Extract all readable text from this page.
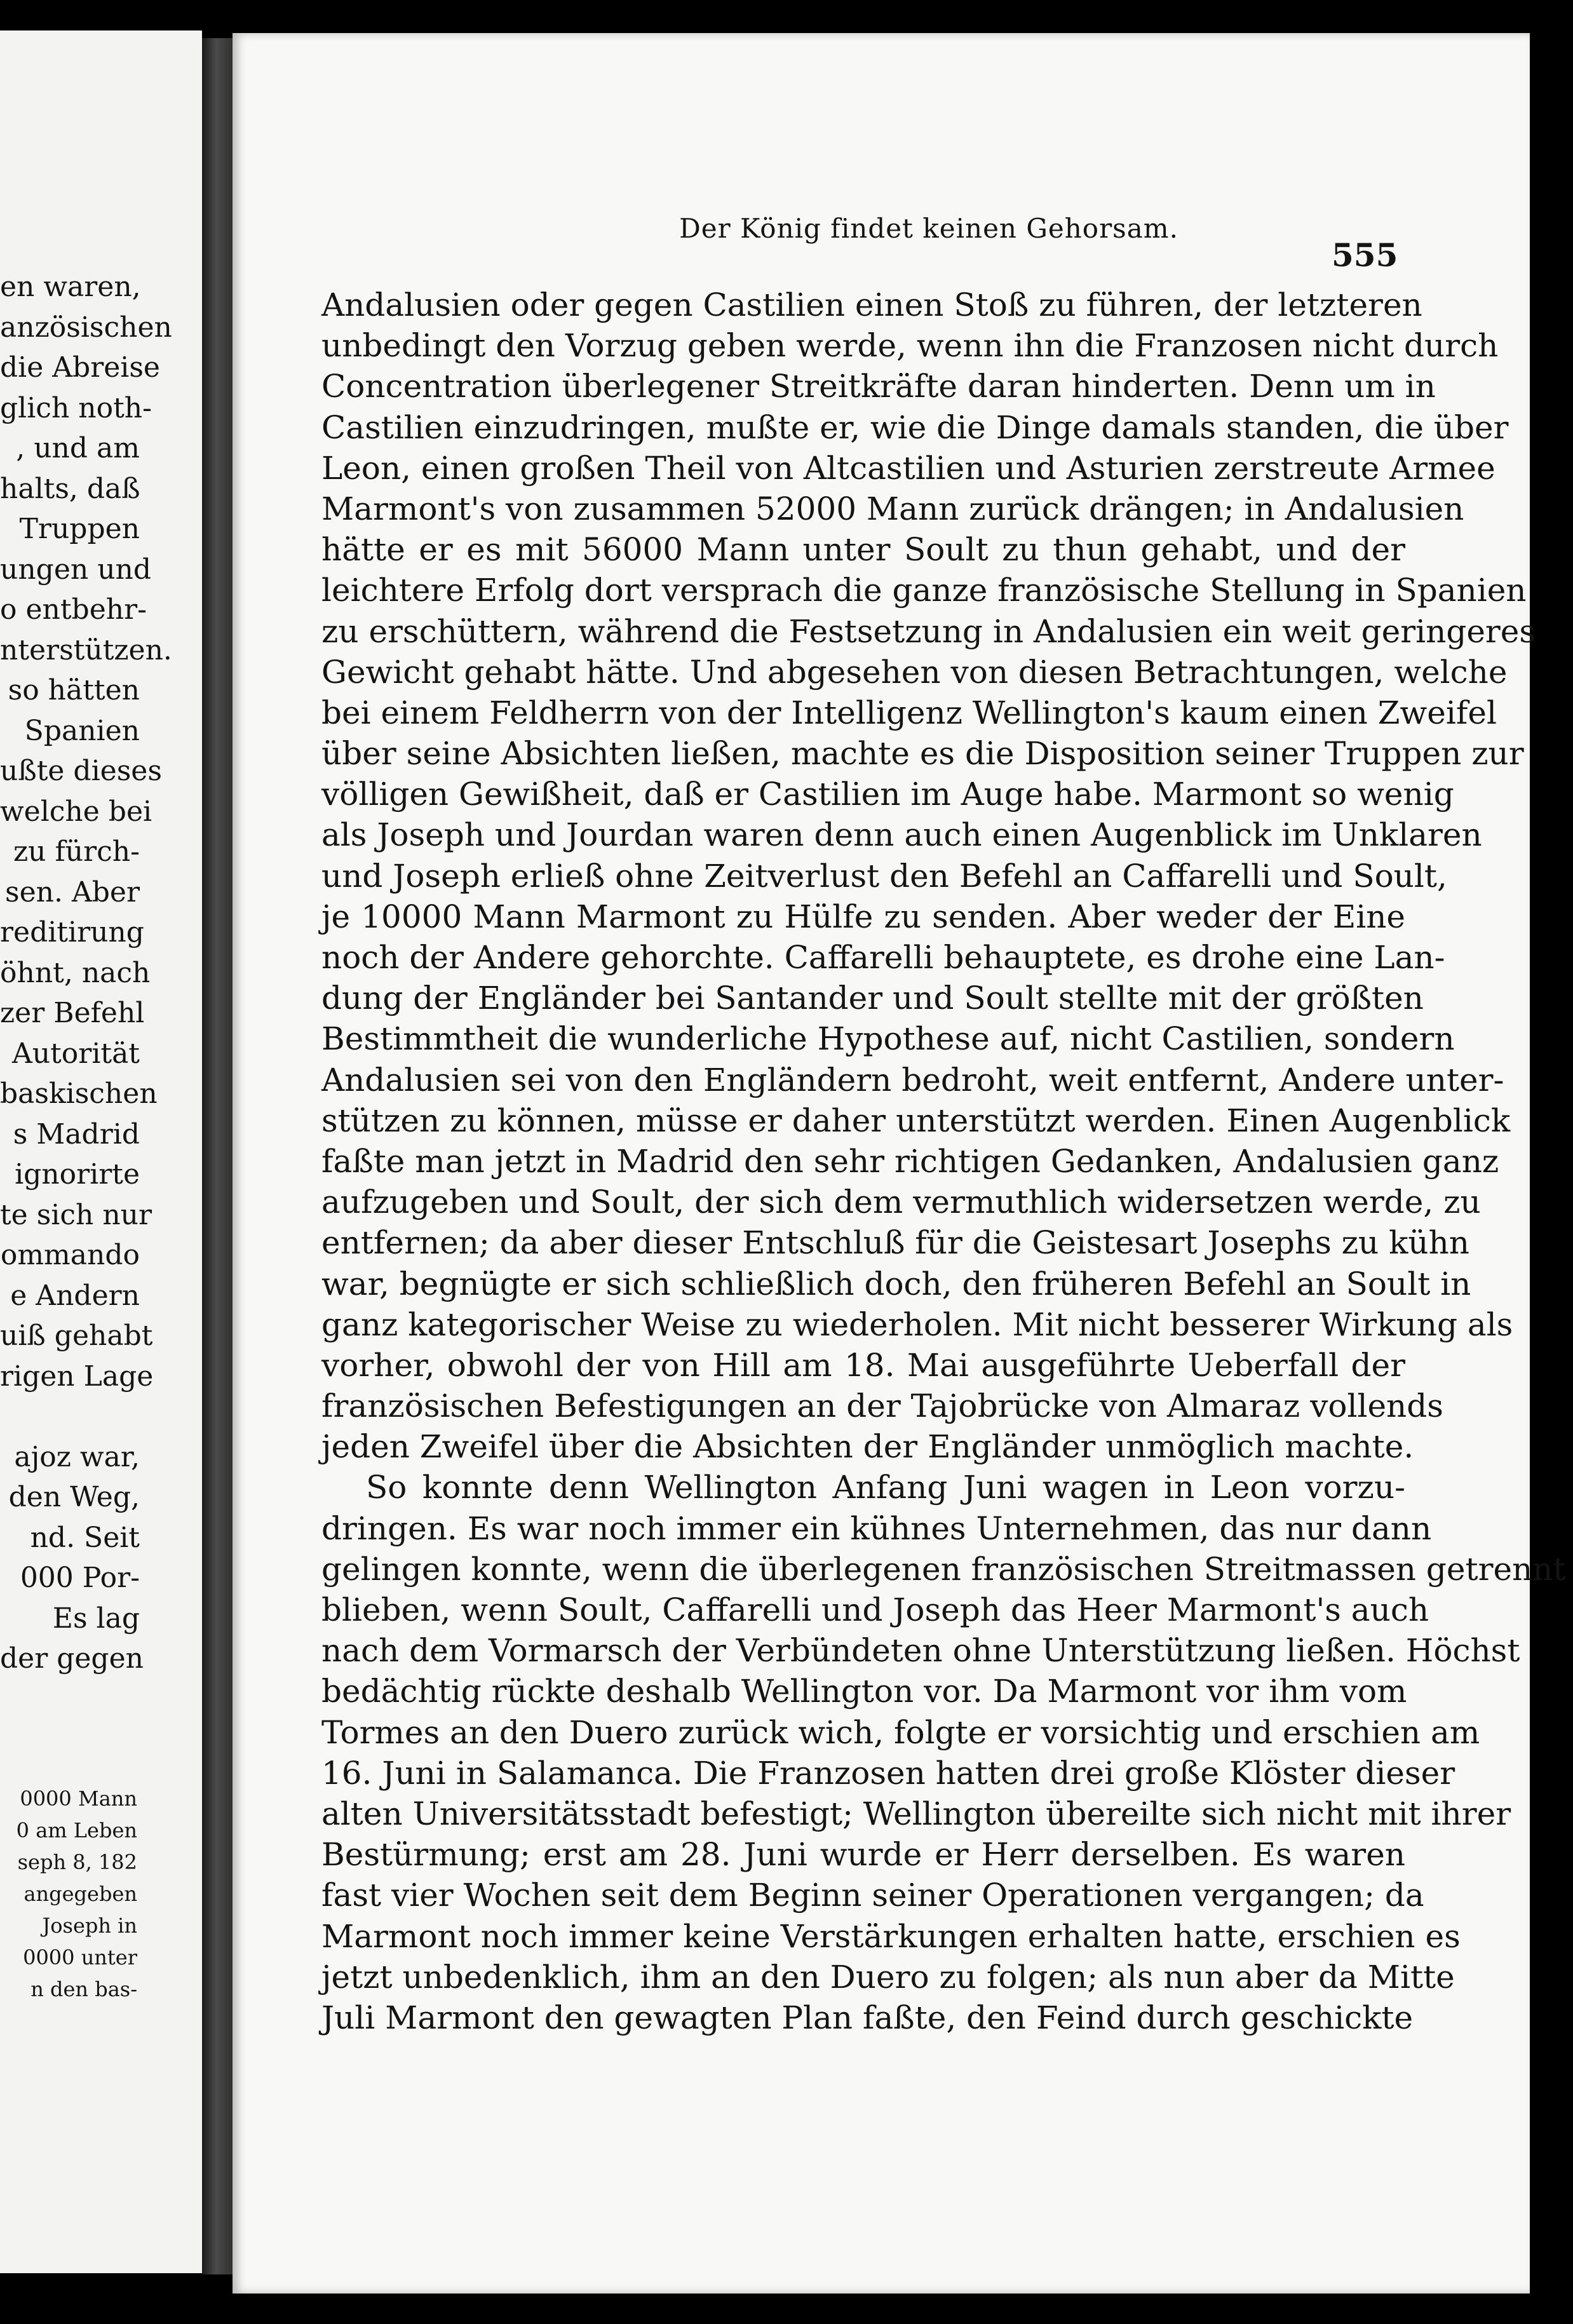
en waren,
anzösischen
die Abreise
glich noth-
, und am
halts, daß
Truppen
ungen und
o entbehr-
nterstützen.
so hätten
Spanien
ußte dieses
welche bei
zu fürch-
sen. Aber
reditirung
öhnt, nach
zer Befehl
Autorität
baskischen
s Madrid
ignorirte
te sich nur
ommando
e Andern
uiß gehabt
rigen Lage
ajoz war,
den Weg,
nd. Seit
000 Por-
Es lag
der gegen
0000 Mann
0 am Leben
seph 8, 182
angegeben
Joseph in
0000 unter
n den bas-
Der König findet keinen Gehorsam.
555
Andalusien oder gegen Castilien einen Stoß zu führen, der letzteren
unbedingt den Vorzug geben werde, wenn ihn die Franzosen nicht durch
Concentration überlegener Streitkräfte daran hinderten. Denn um in
Castilien einzudringen, mußte er, wie die Dinge damals standen, die über
Leon, einen großen Theil von Altcastilien und Asturien zerstreute Armee
Marmont's von zusammen 52000 Mann zurück drängen; in Andalusien
hätte er es mit 56000 Mann unter Soult zu thun gehabt, und der
leichtere Erfolg dort versprach die ganze französische Stellung in Spanien
zu erschüttern, während die Festsetzung in Andalusien ein weit geringeres
Gewicht gehabt hätte. Und abgesehen von diesen Betrachtungen, welche
bei einem Feldherrn von der Intelligenz Wellington's kaum einen Zweifel
über seine Absichten ließen, machte es die Disposition seiner Truppen zur
völligen Gewißheit, daß er Castilien im Auge habe. Marmont so wenig
als Joseph und Jourdan waren denn auch einen Augenblick im Unklaren
und Joseph erließ ohne Zeitverlust den Befehl an Caffarelli und Soult,
je 10000 Mann Marmont zu Hülfe zu senden. Aber weder der Eine
noch der Andere gehorchte. Caffarelli behauptete, es drohe eine Lan-
dung der Engländer bei Santander und Soult stellte mit der größten
Bestimmtheit die wunderliche Hypothese auf, nicht Castilien, sondern
Andalusien sei von den Engländern bedroht, weit entfernt, Andere unter-
stützen zu können, müsse er daher unterstützt werden. Einen Augenblick
faßte man jetzt in Madrid den sehr richtigen Gedanken, Andalusien ganz
aufzugeben und Soult, der sich dem vermuthlich widersetzen werde, zu
entfernen; da aber dieser Entschluß für die Geistesart Josephs zu kühn
war, begnügte er sich schließlich doch, den früheren Befehl an Soult in
ganz kategorischer Weise zu wiederholen. Mit nicht besserer Wirkung als
vorher, obwohl der von Hill am 18. Mai ausgeführte Ueberfall der
französischen Befestigungen an der Tajobrücke von Almaraz vollends
jeden Zweifel über die Absichten der Engländer unmöglich machte.
So konnte denn Wellington Anfang Juni wagen in Leon vorzu-
dringen. Es war noch immer ein kühnes Unternehmen, das nur dann
gelingen konnte, wenn die überlegenen französischen Streitmassen getrennt
blieben, wenn Soult, Caffarelli und Joseph das Heer Marmont's auch
nach dem Vormarsch der Verbündeten ohne Unterstützung ließen. Höchst
bedächtig rückte deshalb Wellington vor. Da Marmont vor ihm vom
Tormes an den Duero zurück wich, folgte er vorsichtig und erschien am
16. Juni in Salamanca. Die Franzosen hatten drei große Klöster dieser
alten Universitätsstadt befestigt; Wellington übereilte sich nicht mit ihrer
Bestürmung; erst am 28. Juni wurde er Herr derselben. Es waren
fast vier Wochen seit dem Beginn seiner Operationen vergangen; da
Marmont noch immer keine Verstärkungen erhalten hatte, erschien es
jetzt unbedenklich, ihm an den Duero zu folgen; als nun aber da Mitte
Juli Marmont den gewagten Plan faßte, den Feind durch geschickte
